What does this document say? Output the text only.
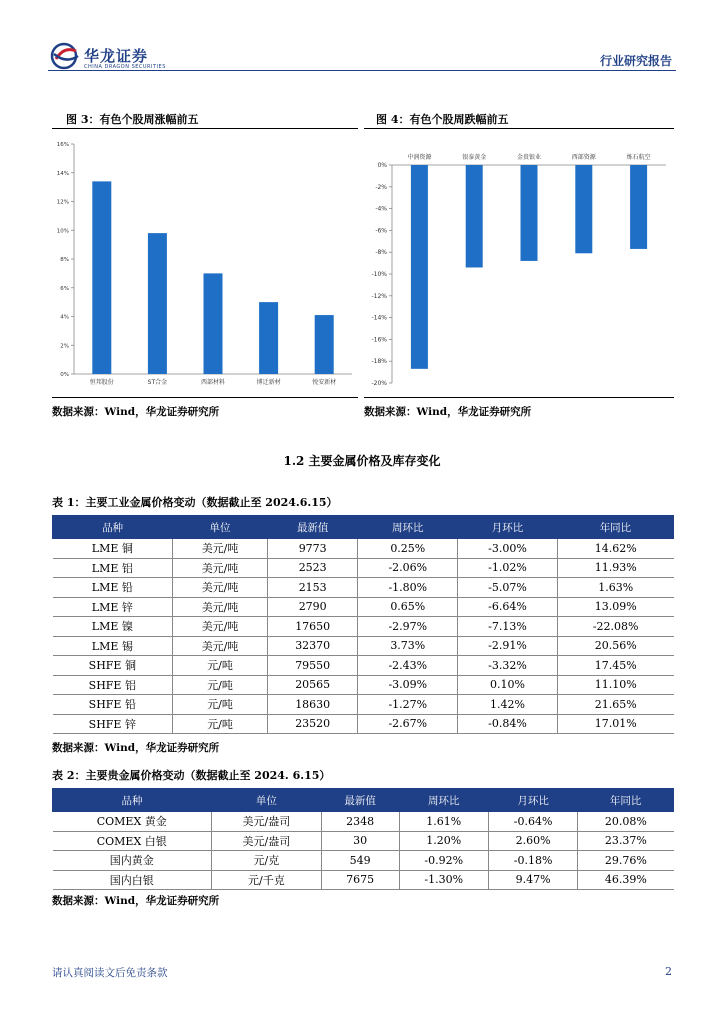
华龙证券
CHINA DRAGON SECURITIES	行业研究报告
图 3：有色个股周涨幅前五
0%
2%
4%
6%
8%
10%
12%
14%
16%
恒邦股份	ST合金	西部材料	博迁新材	悦安新材
数据来源：Wind，华龙证券研究所
图 4：有色个股周跌幅前五
0%
-2%
-4%
-6%
-8%
-10%
-12%
-14%
-16%
-18%
-20%
中润资源	银泰黄金	金贵银业	西部资源	炼石航空
数据来源：Wind，华龙证券研究所
1.2 主要金属价格及库存变化
表 1：主要工业金属价格变动（数据截止至 2024.6.15）
品种	单位	最新值	周环比	月环比	年同比
LME 铜	美元/吨	9773	0.25%	-3.00%	14.62%
LME 铝	美元/吨	2523	-2.06%	-1.02%	11.93%
LME 铅	美元/吨	2153	-1.80%	-5.07%	1.63%
LME 锌	美元/吨	2790	0.65%	-6.64%	13.09%
LME 镍	美元/吨	17650	-2.97%	-7.13%	-22.08%
LME 锡	美元/吨	32370	3.73%	-2.91%	20.56%
SHFE 铜	元/吨	79550	-2.43%	-3.32%	17.45%
SHFE 铝	元/吨	20565	-3.09%	0.10%	11.10%
SHFE 铅	元/吨	18630	-1.27%	1.42%	21.65%
SHFE 锌	元/吨	23520	-2.67%	-0.84%	17.01%
数据来源：Wind，华龙证券研究所
表 2：主要贵金属价格变动（数据截止至 2024. 6.15）
品种	单位	最新值	周环比	月环比	年同比
COMEX 黄金	美元/盎司	2348	1.61%	-0.64%	20.08%
COMEX 白银	美元/盎司	30	1.20%	2.60%	23.37%
国内黄金	元/克	549	-0.92%	-0.18%	29.76%
国内白银	元/千克	7675	-1.30%	9.47%	46.39%
数据来源：Wind，华龙证券研究所
请认真阅读文后免责条款	2
